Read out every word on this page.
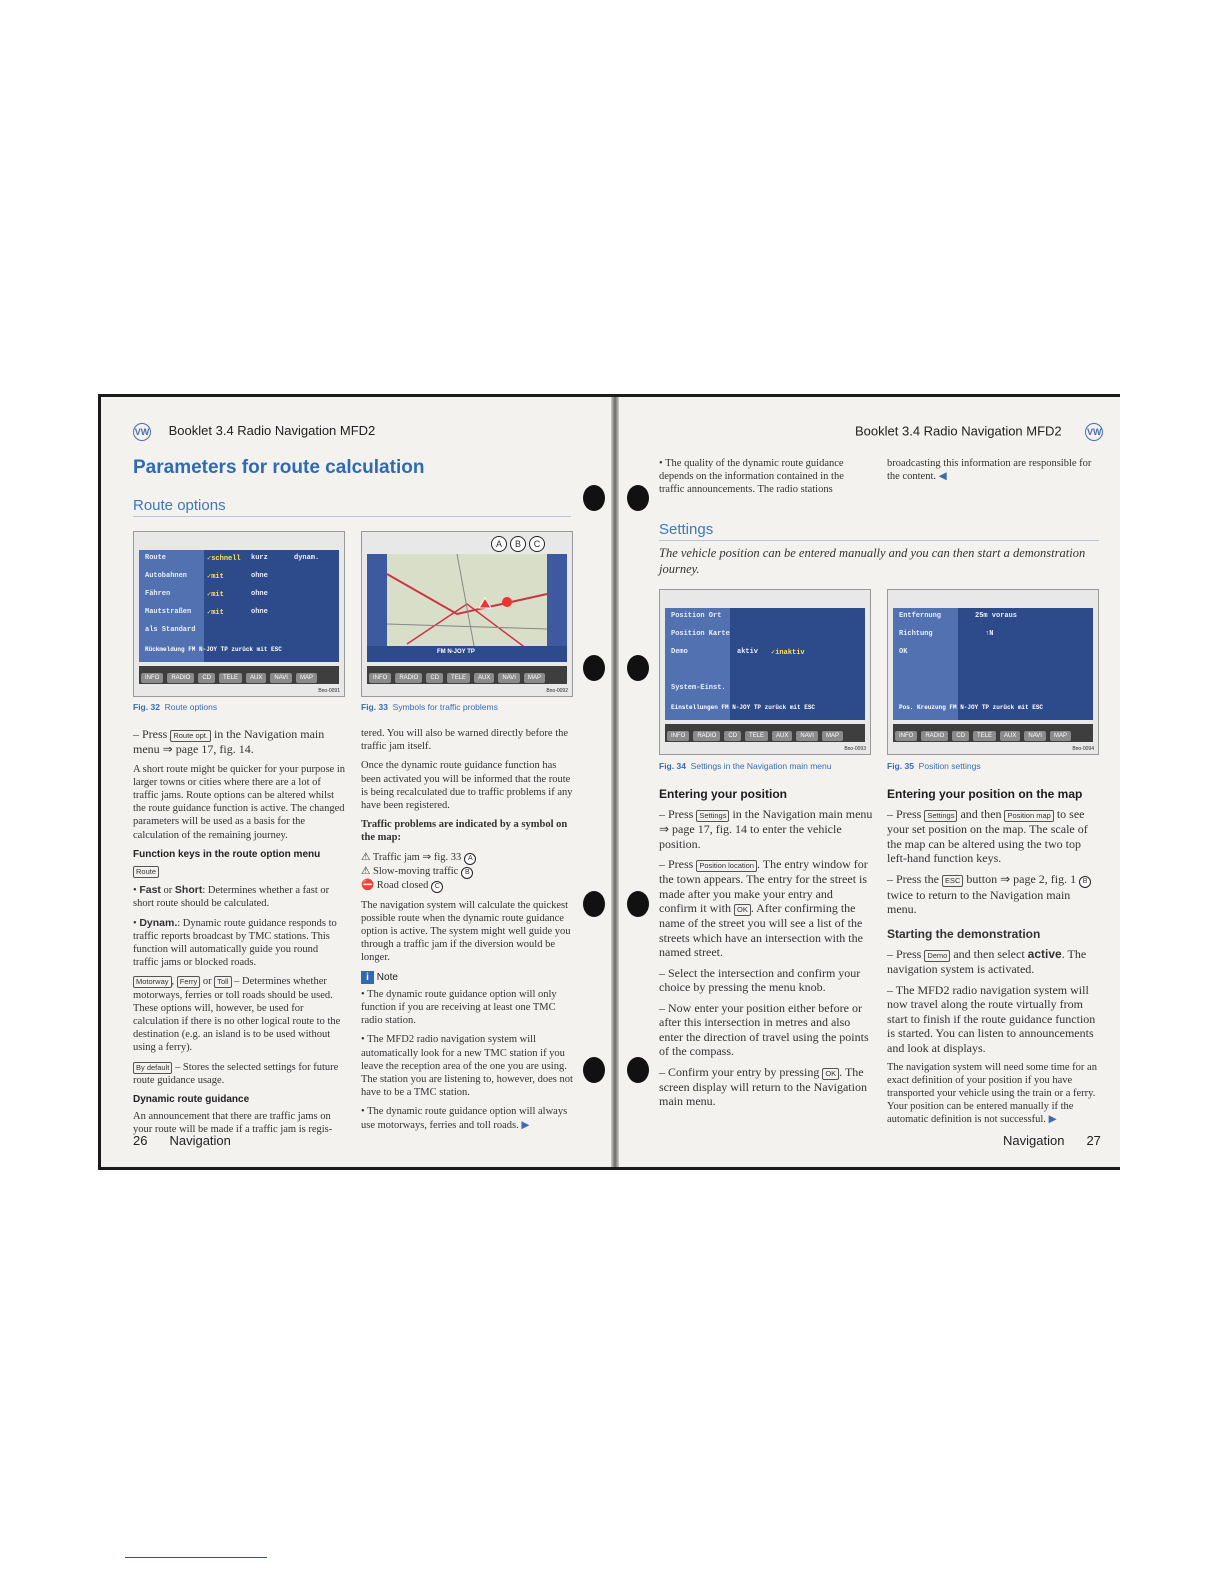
VW Booklet 3.4 Radio Navigation MFD2
Parameters for route calculation
Route options
Route	✓schnell kurz	dynam.
Autobahnen	✓mit	ohne
Fähren	✓mit	ohne
Mautstraßen ✓mit	ohne
als Standard
Rückmeldung FM N-JOY TP zurück mit ESC
INFO RADIO CD TELE AUX NAVI MAP
Bno-0091
Fig. 32 Route options
A B C
FM N-JOY TP
INFO RADIO CD TELE AUX NAVI MAP
Bno-0092
Fig. 33 Symbols for traffic problems

– Press Route opt. in the Navigation main menu ⇒ page 17, fig. 14.

A short route might be quicker for your purpose in larger towns or cities where there are a lot of traffic jams. Route options can be altered whilst the route guidance function is active. The changed parameters will be used as a basis for the calculation of the remaining journey.

Function keys in the route option menu

Route

• Fast or Short: Determines whether a fast or short route should be calculated.

• Dynam.: Dynamic route guidance responds to traffic reports broadcast by TMC stations. This function will automatically guide you round traffic jams or blocked roads.

Motorway , Ferry or Toll – Determines whether motorways, ferries or toll roads should be used. These options will, however, be used for calculation if there is no other logical route to the destination (e.g. an island is to be used without using a ferry).

By default – Stores the selected settings for future route guidance usage.

Dynamic route guidance

An announcement that there are traffic jams on your route will be made if a traffic jam is regis-

tered. You will also be warned directly before the traffic jam itself.

Once the dynamic route guidance function has been activated you will be informed that the route is being recalculated due to traffic problems if any have been registered.

Traffic problems are indicated by a symbol on the map:

⚠ Traffic jam ⇒ fig. 33 A
⚠ Slow-moving traffic B
⛔ Road closed C

The navigation system will calculate the quickest possible route when the dynamic route guidance option is active. The system might well guide you through a traffic jam if the diversion would be longer.

i Note

• The dynamic route guidance option will only function if you are receiving at least one TMC radio station.

• The MFD2 radio navigation system will automatically look for a new TMC station if you leave the reception area of the one you are using. The station you are listening to, however, does not have to be a TMC station.

• The dynamic route guidance option will always use motorways, ferries and toll roads. ▶

26 Navigation
Booklet 3.4 Radio Navigation MFD2	VW

• The quality of the dynamic route guidance depends on the information contained in the traffic announcements. The radio stations

broadcasting this information are responsible for the content. ◀

Settings
The vehicle position can be entered manually and you can then start a demonstration journey.
Position Ort
Position Karte
Demo	aktiv ✓inaktiv
System-Einst.
Einstellungen FM N-JOY TP zurück mit ESC
INFO RADIO CD TELE AUX NAVI MAP
Bno-0093
Fig. 34 Settings in the Navigation main menu
Entfernung	25m voraus
Richtung	↑N
OK
Pos. Kreuzung FM N-JOY TP zurück mit ESC
INFO RADIO CD TELE AUX NAVI MAP
Bno-0094
Fig. 35 Position settings
Entering your position

– Press Settings in the Navigation main menu ⇒ page 17, fig. 14 to enter the vehicle position.

– Press Position location . The entry window for the town appears. The entry for the street is made after you make your entry and confirm it with OK . After confirming the name of the street you will see a list of the streets which have an intersection with the named street.

– Select the intersection and confirm your choice by pressing the menu knob.

– Now enter your position either before or after this intersection in metres and also enter the direction of travel using the points of the compass.

– Confirm your entry by pressing OK . The screen display will return to the Navigation main menu.

Entering your position on the map

– Press Settings and then Position map to see your set position on the map. The scale of the map can be altered using the two top left-hand function keys.

– Press the ESC button ⇒ page 2, fig. 1 B twice to return to the Navigation main menu.

Starting the demonstration

– Press Demo and then select active. The navigation system is activated.

– The MFD2 radio navigation system will now travel along the route virtually from start to finish if the route guidance function is started. You can listen to announcements and look at displays.

The navigation system will need some time for an exact definition of your position if you have transported your vehicle using the train or a ferry. Your position can be entered manually if the automatic definition is not successful. ▶

Navigation 27
